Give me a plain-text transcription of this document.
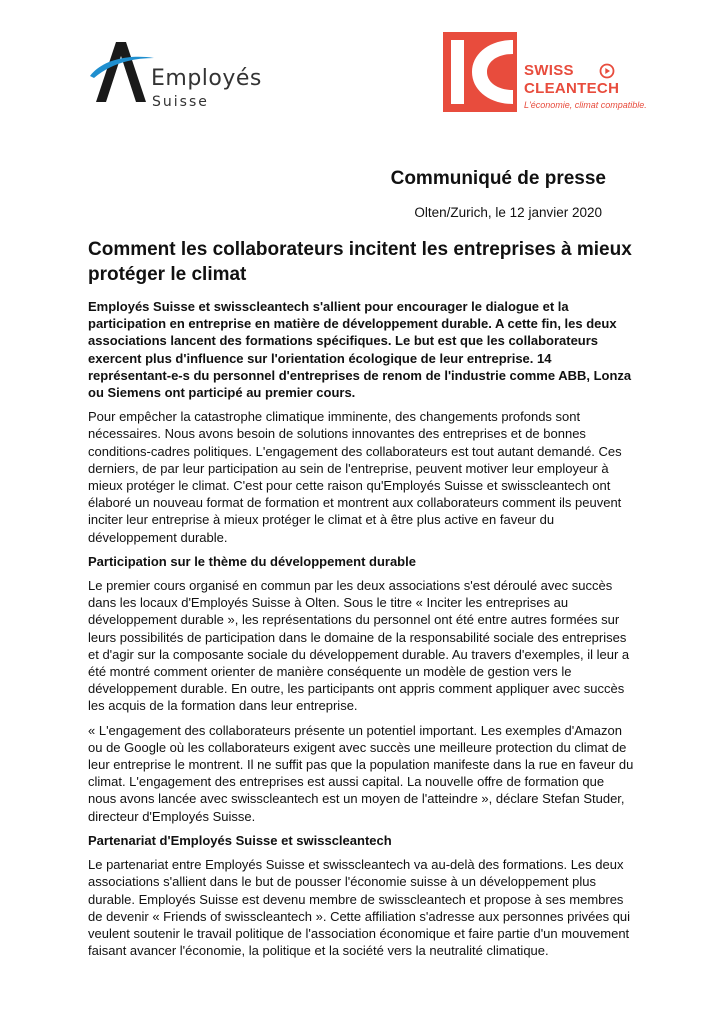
Employés
Suisse
SWISS
CLEANTECH
L'économie, climat compatible.
Communiqué de presse
Olten/Zurich, le 12 janvier 2020
Comment les collaborateurs incitent les entreprises à mieux protéger le climat

Employés Suisse et swisscleantech s'allient pour encourager le dialogue et la participation en entreprise en matière de développement durable. A cette fin, les deux associations lancent des formations spécifiques. Le but est que les collaborateurs exercent plus d'influence sur l'orientation écologique de leur entreprise. 14 représentant-e-s du personnel d'entreprises de renom de l'industrie comme ABB, Lonza ou Siemens ont participé au premier cours.

Pour empêcher la catastrophe climatique imminente, des changements profonds sont nécessaires. Nous avons besoin de solutions innovantes des entreprises et de bonnes conditions-cadres politiques. L'engagement des collaborateurs est tout autant demandé. Ces derniers, de par leur participation au sein de l'entreprise, peuvent motiver leur employeur à mieux protéger le climat. C'est pour cette raison qu'Employés Suisse et swisscleantech ont élaboré un nouveau format de formation et montrent aux collaborateurs comment ils peuvent inciter leur entreprise à mieux protéger le climat et à être plus active en faveur du développement durable.

Participation sur le thème du développement durable

Le premier cours organisé en commun par les deux associations s'est déroulé avec succès dans les locaux d'Employés Suisse à Olten. Sous le titre « Inciter les entreprises au développement durable », les représentations du personnel ont été entre autres formées sur leurs possibilités de participation dans le domaine de la responsabilité sociale des entreprises et d'agir sur la composante sociale du développement durable. Au travers d'exemples, il leur a été montré comment orienter de manière conséquente un modèle de gestion vers le développement durable. En outre, les participants ont appris comment appliquer avec succès les acquis de la formation dans leur entreprise.

« L'engagement des collaborateurs présente un potentiel important. Les exemples d'Amazon ou de Google où les collaborateurs exigent avec succès une meilleure protection du climat de leur entreprise le montrent. Il ne suffit pas que la population manifeste dans la rue en faveur du climat. L'engagement des entreprises est aussi capital. La nouvelle offre de formation que nous avons lancée avec swisscleantech est un moyen de l'atteindre », déclare Stefan Studer, directeur d'Employés Suisse.

Partenariat d'Employés Suisse et swisscleantech

Le partenariat entre Employés Suisse et swisscleantech va au-delà des formations. Les deux associations s'allient dans le but de pousser l'économie suisse à un développement plus durable. Employés Suisse est devenu membre de swisscleantech et propose à ses membres de devenir « Friends of swisscleantech ». Cette affiliation s'adresse aux personnes privées qui veulent soutenir le travail politique de l'association économique et faire partie d'un mouvement faisant avancer l'économie, la politique et la société vers la neutralité climatique.
